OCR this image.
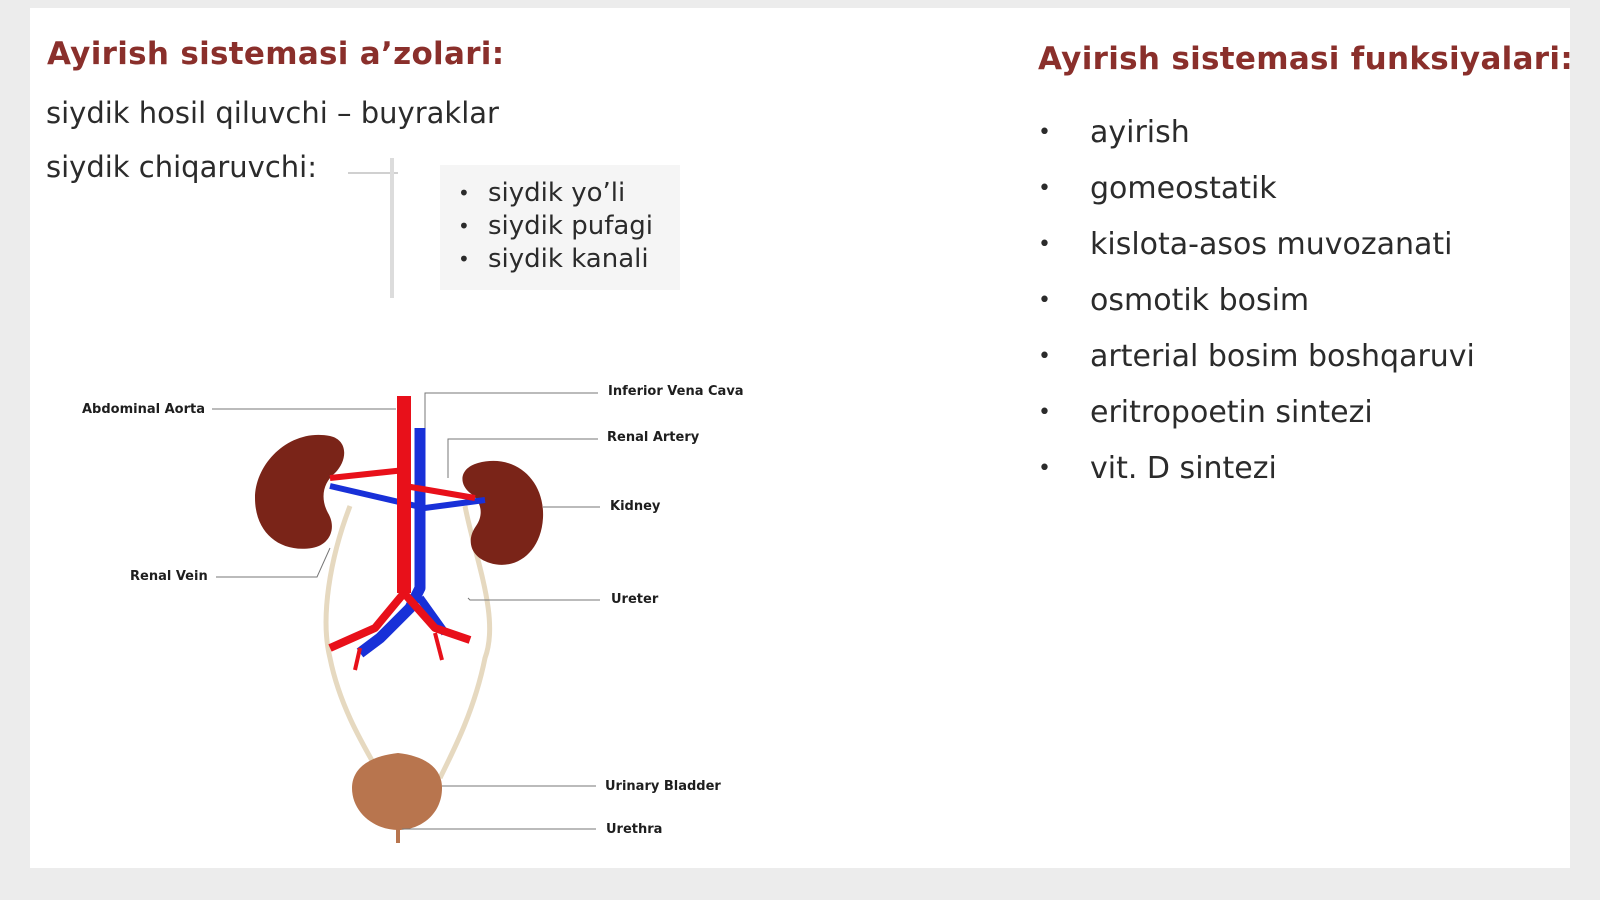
Ayirish sistemasi a’zolari:

siydik hosil qiluvchi – buyraklar

siydik chiqaruvchi:

• siydik yo’li
• siydik pufagi
• siydik kanali
Ayirish sistemasi funksiyalari:
•	ayirish
•	gomeostatik
•	kislota-asos muvozanati
•	osmotik bosim
•	arterial bosim boshqaruvi
•	eritropoetin sintezi
•	vit. D sintezi
Abdominal Aorta
Renal Vein
Inferior Vena Cava
Renal Artery
Kidney
Ureter
Urinary Bladder
Urethra
